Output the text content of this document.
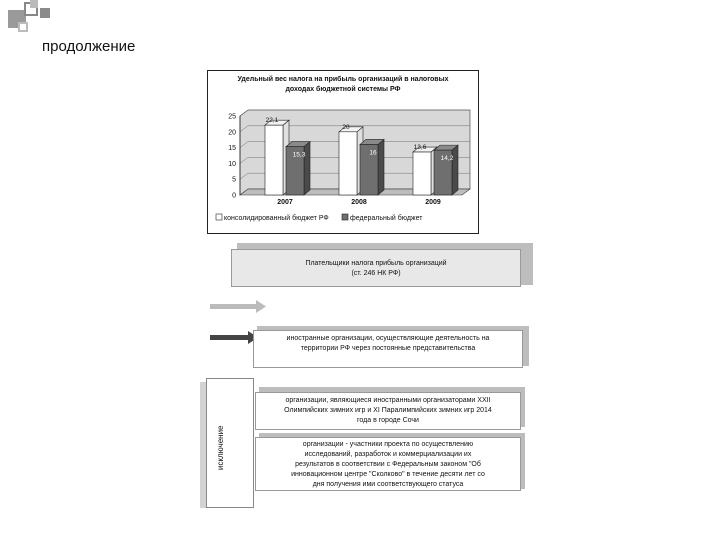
продолжение
Удельный вес налога на прибыль организаций в налоговых
доходах бюджетной системы РФ
0
5
10
15
20
25
22,1
15,3
2007
20
16
2008
13,6
14,2
2009
консолидированный бюджет РФ	федеральный бюджет
Плательщики налога прибыль организаций
(ст. 246 НК РФ)
иностранные организации, осуществляющие деятельность на
территории РФ через постоянные представительства
исключение
организации, являющиеся иностранными организаторами XXII
Олимпийских зимних игр и XI Паралимпийских зимних игр 2014
года в городе Сочи
организации - участники проекта по осуществлению
исследований, разработок и коммерциализации их
результатов в соответствии с Федеральным законом "Об
инновационном центре "Сколково" в течение десяти лет со
дня получения ими соответствующего статуса
